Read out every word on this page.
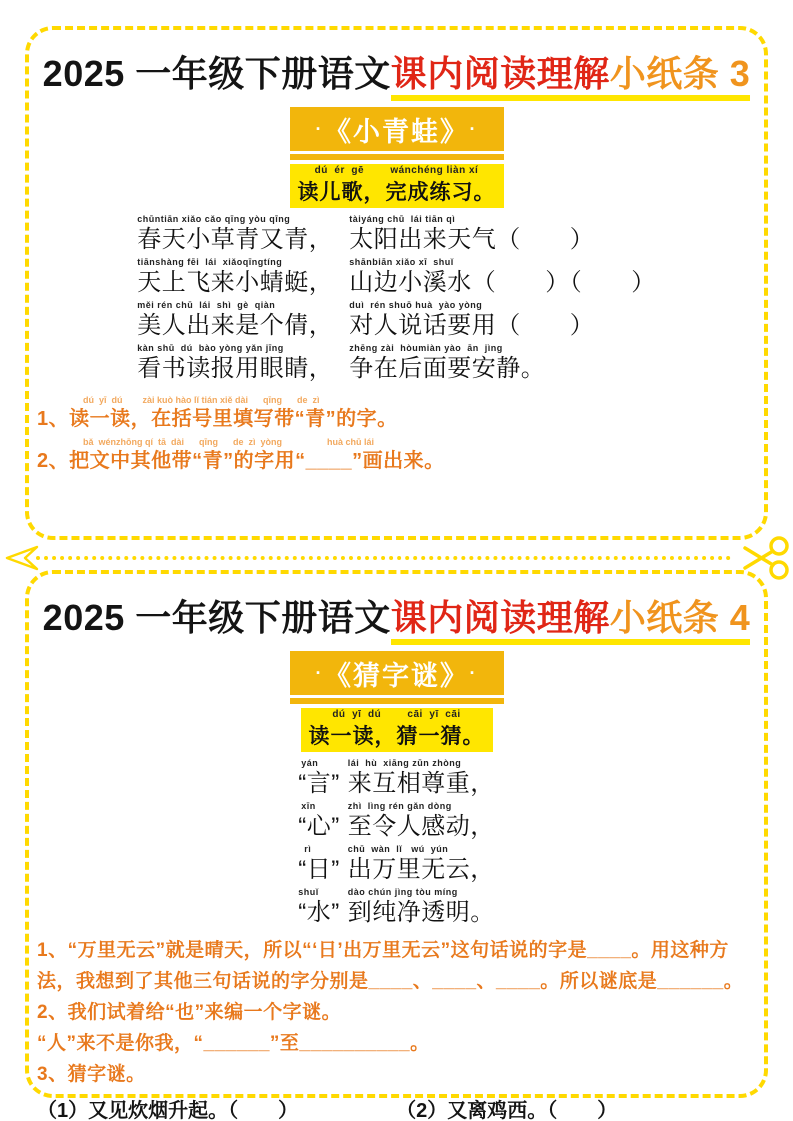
2025 一年级下册语文课内阅读理解小纸条 3
· 《小青蛙》 ·
dú  ér  gē        wánchéng liàn xí
读儿歌，完成练习。
chūntiān xiǎo cǎo qīng yòu qīng
春天小草青又青，
tàiyáng chū  lái tiān qì
太阳出来天气（　　）
tiānshàng fēi  lái  xiǎoqīngtíng
天上飞来小蜻蜓，
shānbiān xiǎo xī  shuǐ
山边小溪水（　　）（　　）
měi rén chū  lái  shì  gè  qiàn
美人出来是个倩，
duì  rén shuō huà  yào yòng
对人说话要用（　　）
kàn shū  dú  bào yòng yǎn jīng
看书读报用眼睛，
zhēng zài  hòumiàn yào  ān  jìng
争在后面要安静。
dú  yī  dú        zài kuò hào lǐ tián xiě dài      qīng      de  zì
1、读一读，在括号里填写带“青”的字。
bǎ  wénzhōng qí  tā  dài      qīng      de  zì  yòng                  huà chū lái
2、把文中其他带“青”的字用“____”画出来。
2025 一年级下册语文课内阅读理解小纸条 4
· 《猜字谜》 ·
dú  yī  dú        cāi  yī  cāi
读一读，猜一猜。
yán
“言”
lái  hù  xiāng zūn zhòng
来互相尊重，
xīn
“心”
zhì  lìng rén gǎn dòng
至令人感动，
rì
“日”
chū  wàn  lǐ   wú  yún
出万里无云，
shuǐ
“水”
dào chún jìng tòu míng
到纯净透明。
1、“万里无云”就是晴天，所以“‘日’出万里无云”这句话说的字是____。用这种方法，我想到了其他三句话说的字分别是____、____、____。所以谜底是______。
2、我们试着给“也”来编一个字谜。
“人”来不是你我，“______”至__________。
3、猜字谜。
（1）又见炊烟升起。（　　）	（2）又离鸡西。（　　）
